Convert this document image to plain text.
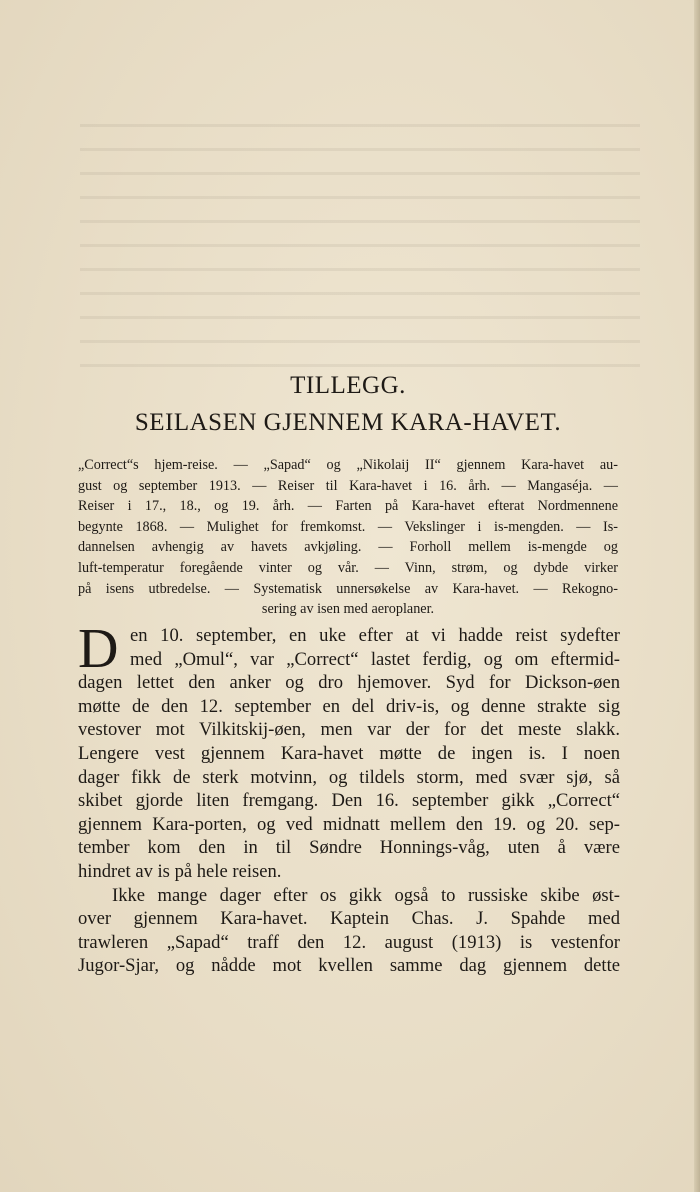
TILLEGG.
SEILASEN GJENNEM KARA-HAVET.
„Correct“s hjem-reise. — „Sapad“ og „Nikolaij II“ gjennem Kara-havet au-
gust og september 1913. — Reiser til Kara-havet i 16. årh. — Mangaséja. —
Reiser i 17., 18., og 19. årh. — Farten på Kara-havet efterat Nordmennene
begynte 1868. — Mulighet for fremkomst. — Vekslinger i is-mengden. — Is-
dannelsen avhengig av havets avkjøling. — Forholl mellem is-mengde og
luft-temperatur foregående vinter og vår. — Vinn, strøm, og dybde virker
på isens utbredelse. — Systematisk unnersøkelse av Kara-havet. — Rekogno-
sering av isen med aeroplaner.
D en 10. september, en uke efter at vi hadde reist sydefter
med „Omul“, var „Correct“ lastet ferdig, og om eftermid-
dagen lettet den anker og dro hjemover. Syd for Dickson-øen
møtte de den 12. september en del driv-is, og denne strakte sig
vestover mot Vilkitskij-øen, men var der for det meste slakk.
Lengere vest gjennem Kara-havet møtte de ingen is. I noen
dager fikk de sterk motvinn, og tildels storm, med svær sjø, så
skibet gjorde liten fremgang. Den 16. september gikk „Correct“
gjennem Kara-porten, og ved midnatt mellem den 19. og 20. sep-
tember kom den in til Søndre Honnings-våg, uten å være
hindret av is på hele reisen.
Ikke mange dager efter os gikk også to russiske skibe øst-
over gjennem Kara-havet. Kaptein Chas. J. Spahde med
trawleren „Sapad“ traff den 12. august (1913) is vestenfor
Jugor-Sjar, og nådde mot kvellen samme dag gjennem dette
